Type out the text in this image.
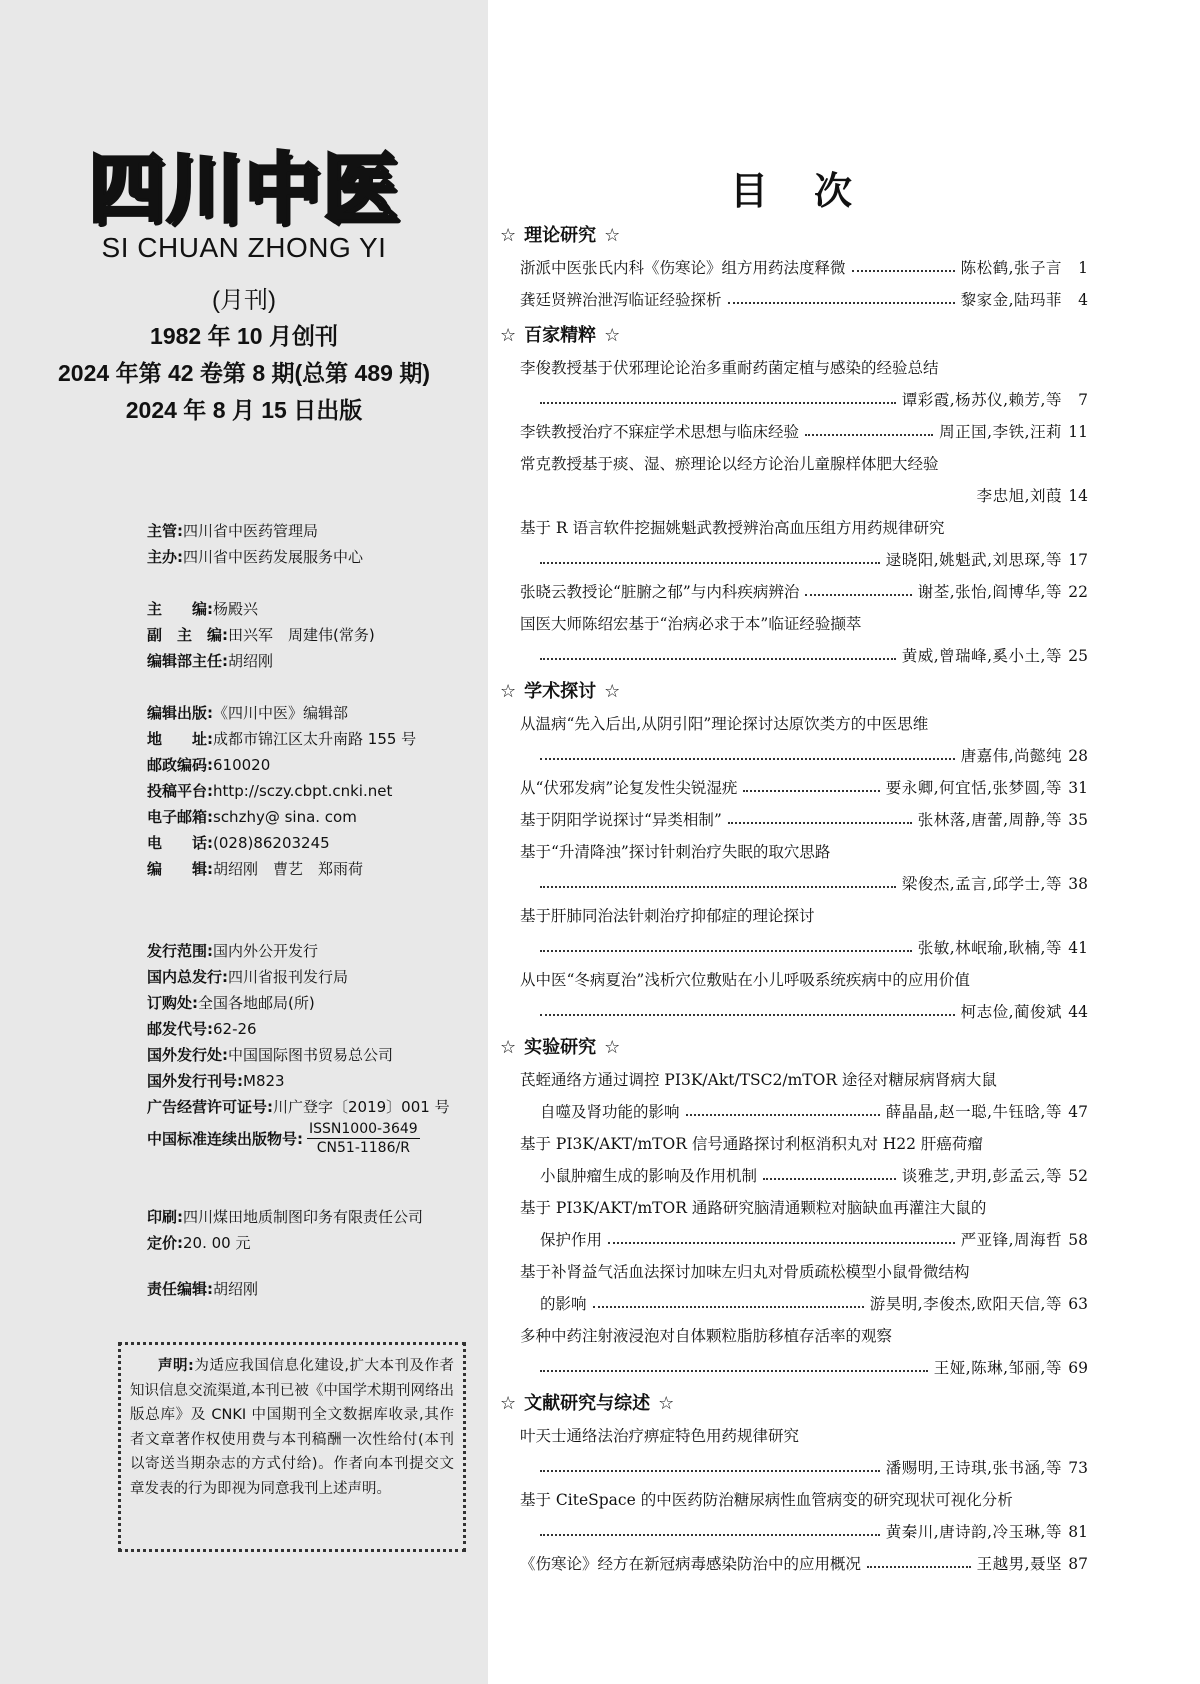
四川中医
SI CHUAN ZHONG YI
(月刊)
1982 年 10 月创刊
2024 年第 42 卷第 8 期(总第 489 期)
2024 年 8 月 15 日出版
主管:四川省中医药管理局
主办:四川省中医药发展服务中心
主　　编:杨殿兴
副　主　编:田兴军　周建伟(常务)
编辑部主任:胡绍刚
编辑出版:《四川中医》编辑部
地　　址:成都市锦江区太升南路 155 号
邮政编码:610020
投稿平台:http://sczy.cbpt.cnki.net
电子邮箱:schzhy@ sina. com
电　　话:(028)86203245
编　　辑:胡绍刚　曹艺　郑雨荷
发行范围:国内外公开发行
国内总发行:四川省报刊发行局
订购处:全国各地邮局(所)
邮发代号:62-26
国外发行处:中国国际图书贸易总公司
国外发行刊号:M823
广告经营许可证号:川广登字〔2019〕001 号
中国标准连续出版物号: $\frac{\text{ISSN1000-3649}}{CN51-1186/R}$
印刷:四川煤田地质制图印务有限责任公司
定价:20. 00 元
责任编辑:胡绍刚
声明:为适应我国信息化建设,扩大本刊及作者知识信息交流渠道,本刊已被《中国学术期刊网络出版总库》及 CNKI 中国期刊全文数据库收录,其作者文章著作权使用费与本刊稿酬一次性给付(本刊以寄送当期杂志的方式付给)。作者向本刊提交文章发表的行为即视为同意我刊上述声明。
目次
☆ 理论研究 ☆
浙派中医张氏内科《伤寒论》组方用药法度释微	陈松鹤,张子言	1
龚廷贤辨治泄泻临证经验探析	黎家金,陆玛菲	4
☆ 百家精粹 ☆
李俊教授基于伏邪理论论治多重耐药菌定植与感染的经验总结
谭彩霞,杨苏仪,赖芳,等	7
李铁教授治疗不寐症学术思想与临床经验	周正国,李铁,汪莉 11
常克教授基于痰、湿、瘀理论以经方论治儿童腺样体肥大经验
李忠旭,刘葭 14
基于 R 语言软件挖掘姚魁武教授辨治高血压组方用药规律研究
逯晓阳,姚魁武,刘思琛,等 17
张晓云教授论“脏腑之郁”与内科疾病辨治	谢荃,张怡,阎博华,等 22
国医大师陈绍宏基于“治病必求于本”临证经验撷萃
黄威,曾瑞峰,奚小土,等 25
☆ 学术探讨 ☆
从温病“先入后出,从阴引阳”理论探讨达原饮类方的中医思维
唐嘉伟,尚懿纯 28
从“伏邪发病”论复发性尖锐湿疣	要永卿,何宜恬,张梦圆,等 31
基于阴阳学说探讨“异类相制”	张林落,唐蕾,周静,等 35
基于“升清降浊”探讨针刺治疗失眠的取穴思路
梁俊杰,孟言,邱学士,等 38
基于肝肺同治法针刺治疗抑郁症的理论探讨
张敏,林岷瑜,耿楠,等 41
从中医“冬病夏治”浅析穴位敷贴在小儿呼吸系统疾病中的应用价值
柯志俭,蔺俊斌 44
☆ 实验研究 ☆
芪蛭通络方通过调控 PI3K/Akt/TSC2/mTOR 途径对糖尿病肾病大鼠
自噬及肾功能的影响	薛晶晶,赵一聪,牛钰晗,等 47
基于 PI3K/AKT/mTOR 信号通路探讨利枢消积丸对 H22 肝癌荷瘤
小鼠肿瘤生成的影响及作用机制	谈雅芝,尹玥,彭孟云,等 52
基于 PI3K/AKT/mTOR 通路研究脑清通颗粒对脑缺血再灌注大鼠的
保护作用	严亚锋,周海哲 58
基于补肾益气活血法探讨加味左归丸对骨质疏松模型小鼠骨微结构
的影响	游昊明,李俊杰,欧阳天信,等 63
多种中药注射液浸泡对自体颗粒脂肪移植存活率的观察
王娅,陈琳,邹丽,等 69
☆ 文献研究与综述 ☆
叶天士通络法治疗痹症特色用药规律研究
潘赐明,王诗琪,张书涵,等 73
基于 CiteSpace 的中医药防治糖尿病性血管病变的研究现状可视化分析
黄秦川,唐诗韵,冷玉琳,等 81
《伤寒论》经方在新冠病毒感染防治中的应用概况	王越男,聂坚 87
